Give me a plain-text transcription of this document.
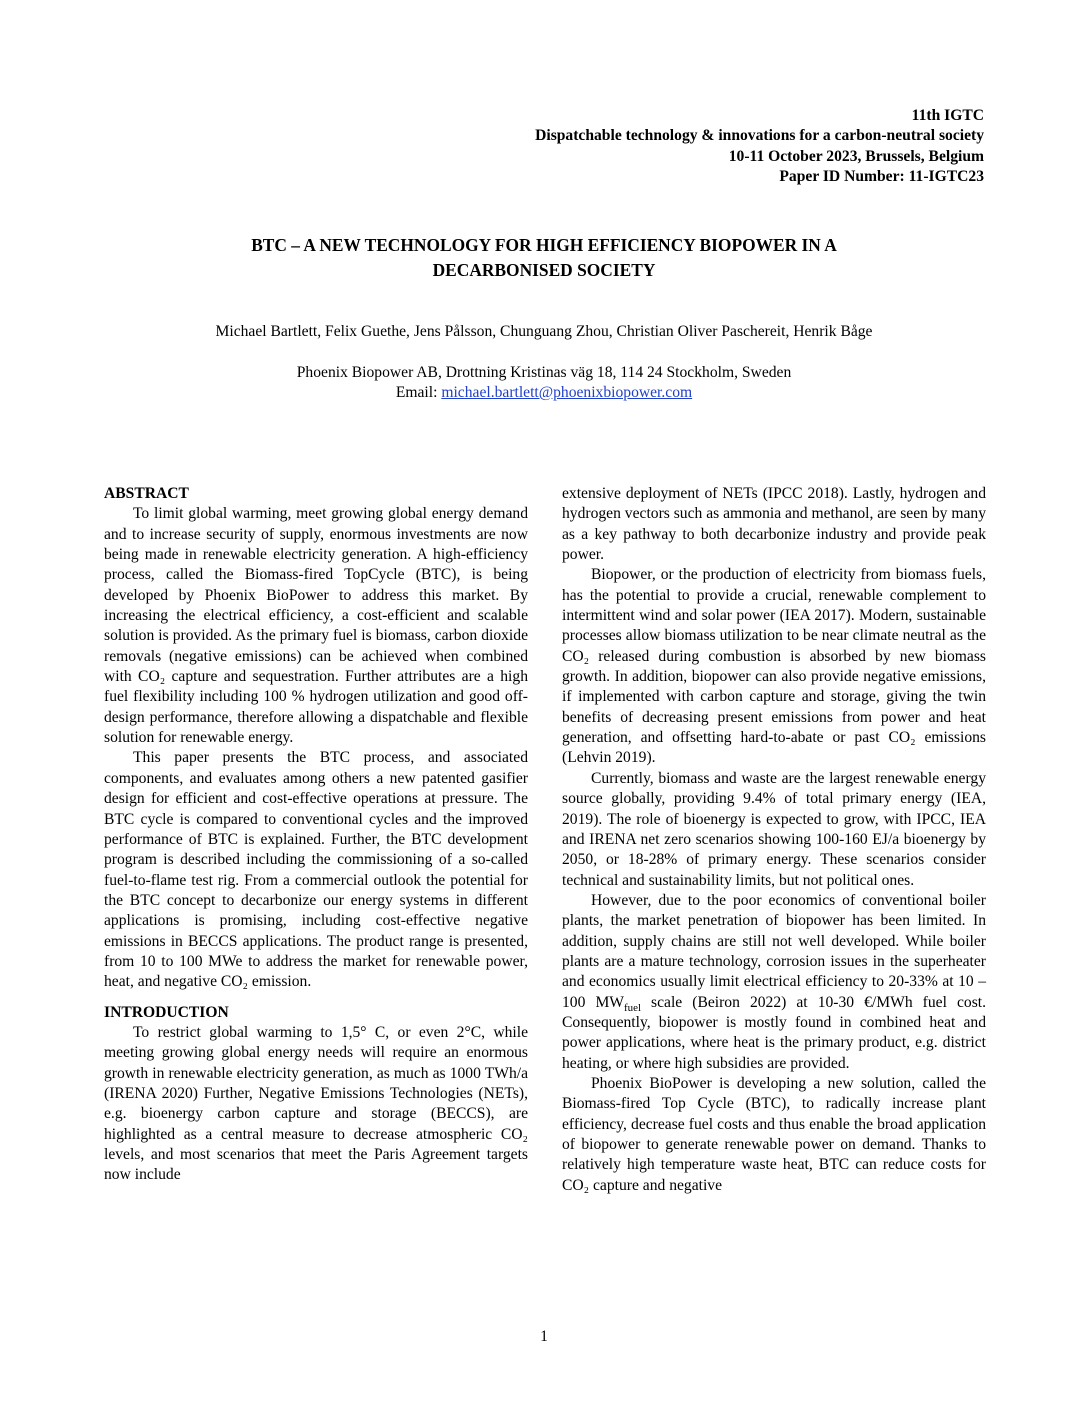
11th IGTC
Dispatchable technology & innovations for a carbon-neutral society
10-11 October 2023, Brussels, Belgium
Paper ID Number: 11-IGTC23
BTC – A NEW TECHNOLOGY FOR HIGH EFFICIENCY BIOPOWER IN A
DECARBONISED SOCIETY
Michael Bartlett, Felix Guethe, Jens Pålsson, Chunguang Zhou, Christian Oliver Paschereit, Henrik Båge
Phoenix Biopower AB, Drottning Kristinas väg 18, 114 24 Stockholm, Sweden
Email: michael.bartlett@phoenixbiopower.com
ABSTRACT

To limit global warming, meet growing global energy demand and to increase security of supply, enormous investments are now being made in renewable electricity generation. A high-efficiency process, called the Biomass-fired TopCycle (BTC), is being developed by Phoenix BioPower to address this market. By increasing the electrical efficiency, a cost-efficient and scalable solution is provided. As the primary fuel is biomass, carbon dioxide removals (negative emissions) can be achieved when combined with CO₂ capture and sequestration. Further attributes are a high fuel flexibility including 100 % hydrogen utilization and good off-design performance, therefore allowing a dispatchable and flexible solution for renewable energy.

This paper presents the BTC process, and associated components, and evaluates among others a new patented gasifier design for efficient and cost-effective operations at pressure. The BTC cycle is compared to conventional cycles and the improved performance of BTC is explained. Further, the BTC development program is described including the commissioning of a so-called fuel-to-flame test rig. From a commercial outlook the potential for the BTC concept to decarbonize our energy systems in different applications is promising, including cost-effective negative emissions in BECCS applications. The product range is presented, from 10 to 100 MWe to address the market for renewable power, heat, and negative CO₂ emission.

INTRODUCTION

To restrict global warming to 1,5° C, or even 2°C, while meeting growing global energy needs will require an enormous growth in renewable electricity generation, as much as 1000 TWh/a (IRENA 2020) Further, Negative Emissions Technologies (NETs), e.g. bioenergy carbon capture and storage (BECCS), are highlighted as a central measure to decrease atmospheric CO₂ levels, and most scenarios that meet the Paris Agreement targets now include

extensive deployment of NETs (IPCC 2018). Lastly, hydrogen and hydrogen vectors such as ammonia and methanol, are seen by many as a key pathway to both decarbonize industry and provide peak power.

Biopower, or the production of electricity from biomass fuels, has the potential to provide a crucial, renewable complement to intermittent wind and solar power (IEA 2017). Modern, sustainable processes allow biomass utilization to be near climate neutral as the CO₂ released during combustion is absorbed by new biomass growth. In addition, biopower can also provide negative emissions, if implemented with carbon capture and storage, giving the twin benefits of decreasing present emissions from power and heat generation, and offsetting hard-to-abate or past CO₂ emissions (Lehvin 2019).

Currently, biomass and waste are the largest renewable energy source globally, providing 9.4% of total primary energy (IEA, 2019). The role of bioenergy is expected to grow, with IPCC, IEA and IRENA net zero scenarios showing 100-160 EJ/a bioenergy by 2050, or 18-28% of primary energy. These scenarios consider technical and sustainability limits, but not political ones.

However, due to the poor economics of conventional boiler plants, the market penetration of biopower has been limited. In addition, supply chains are still not well developed. While boiler plants are a mature technology, corrosion issues in the superheater and economics usually limit electrical efficiency to 20-33% at 10 – 100 $MW_{fuel}$ scale (Beiron 2022) at 10-30 €/MWh fuel cost. Consequently, biopower is mostly found in combined heat and power applications, where heat is the primary product, e.g. district heating, or where high subsidies are provided.

Phoenix BioPower is developing a new solution, called the Biomass-fired Top Cycle (BTC), to radically increase plant efficiency, decrease fuel costs and thus enable the broad application of biopower to generate renewable power on demand. Thanks to relatively high temperature waste heat, BTC can reduce costs for CO₂ capture and negative

1
